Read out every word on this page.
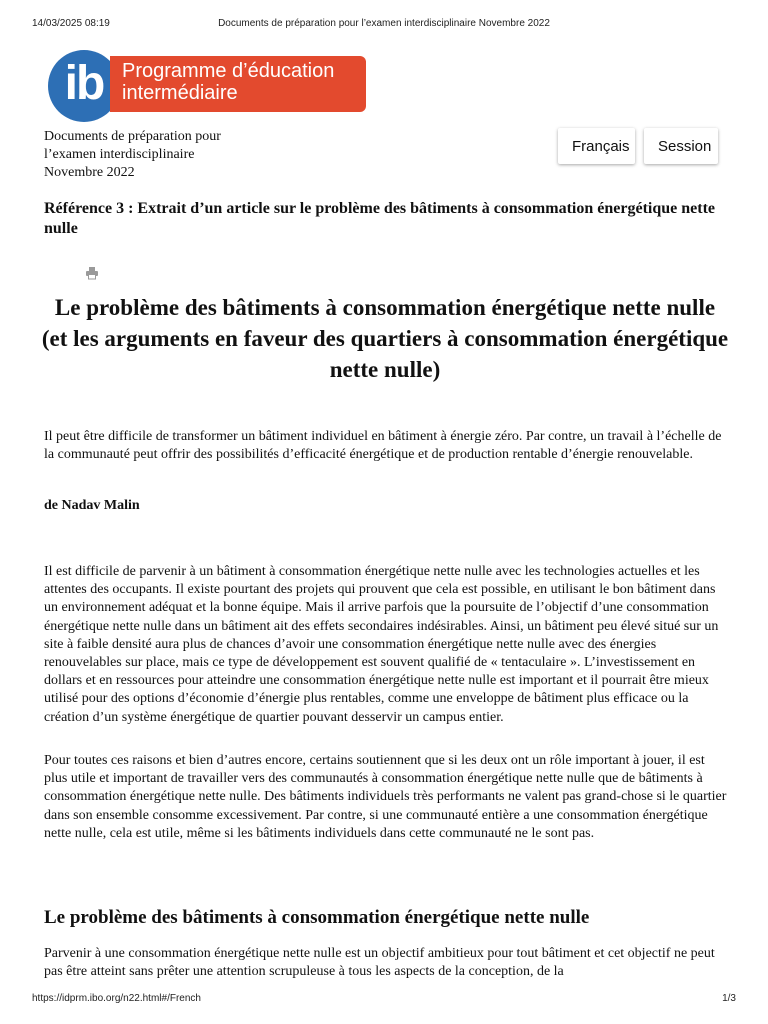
14/03/2025 08:19	Documents de préparation pour l’examen interdisciplinaire Novembre 2022
ib Programme d’éducation
intermédiaire
Documents de préparation pour
l’examen interdisciplinaire
Novembre 2022
Français	Session
Référence 3 : Extrait d’un article sur le problème des bâtiments à consommation énergétique nette nulle
Le problème des bâtiments à consommation énergétique nette nulle (et les arguments en faveur des quartiers à consommation énergétique nette nulle)
Il peut être difficile de transformer un bâtiment individuel en bâtiment à énergie zéro. Par contre, un travail à l’échelle de la communauté peut offrir des possibilités d’efficacité énergétique et de production rentable d’énergie renouvelable.
de Nadav Malin
Il est difficile de parvenir à un bâtiment à consommation énergétique nette nulle avec les technologies actuelles et les attentes des occupants. Il existe pourtant des projets qui prouvent que cela est possible, en utilisant le bon bâtiment dans un environnement adéquat et la bonne équipe. Mais il arrive parfois que la poursuite de l’objectif d’une consommation énergétique nette nulle dans un bâtiment ait des effets secondaires indésirables. Ainsi, un bâtiment peu élevé situé sur un site à faible densité aura plus de chances d’avoir une consommation énergétique nette nulle avec des énergies renouvelables sur place, mais ce type de développement est souvent qualifié de « tentaculaire ». L’investissement en dollars et en ressources pour atteindre une consommation énergétique nette nulle est important et il pourrait être mieux utilisé pour des options d’économie d’énergie plus rentables, comme une enveloppe de bâtiment plus efficace ou la création d’un système énergétique de quartier pouvant desservir un campus entier.
Pour toutes ces raisons et bien d’autres encore, certains soutiennent que si les deux ont un rôle important à jouer, il est plus utile et important de travailler vers des communautés à consommation énergétique nette nulle que de bâtiments à consommation énergétique nette nulle. Des bâtiments individuels très performants ne valent pas grand-chose si le quartier dans son ensemble consomme excessivement. Par contre, si une communauté entière a une consommation énergétique nette nulle, cela est utile, même si les bâtiments individuels dans cette communauté ne le sont pas.
Le problème des bâtiments à consommation énergétique nette nulle
Parvenir à une consommation énergétique nette nulle est un objectif ambitieux pour tout bâtiment et cet objectif ne peut pas être atteint sans prêter une attention scrupuleuse à tous les aspects de la conception, de la
https://idprm.ibo.org/n22.html#/French	1/3
